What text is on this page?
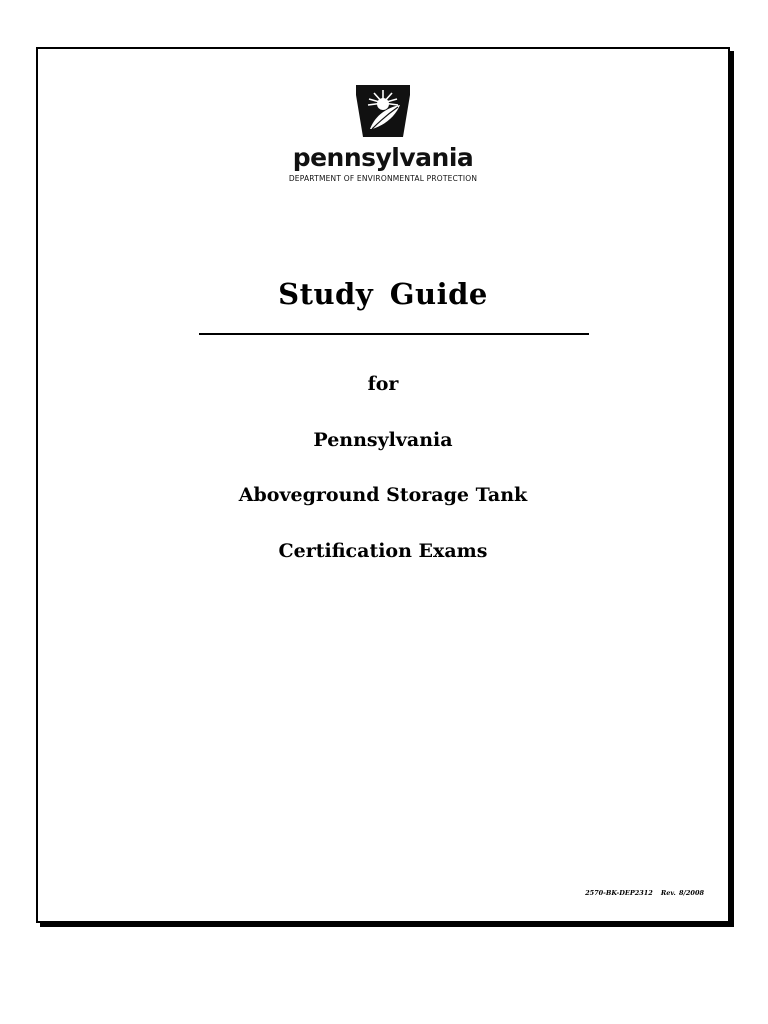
pennsylvania
DEPARTMENT OF ENVIRONMENTAL PROTECTION
Study Guide
for
Pennsylvania
Aboveground Storage Tank
Certification Exams
2570-BK-DEP2312 Rev. 8/2008
